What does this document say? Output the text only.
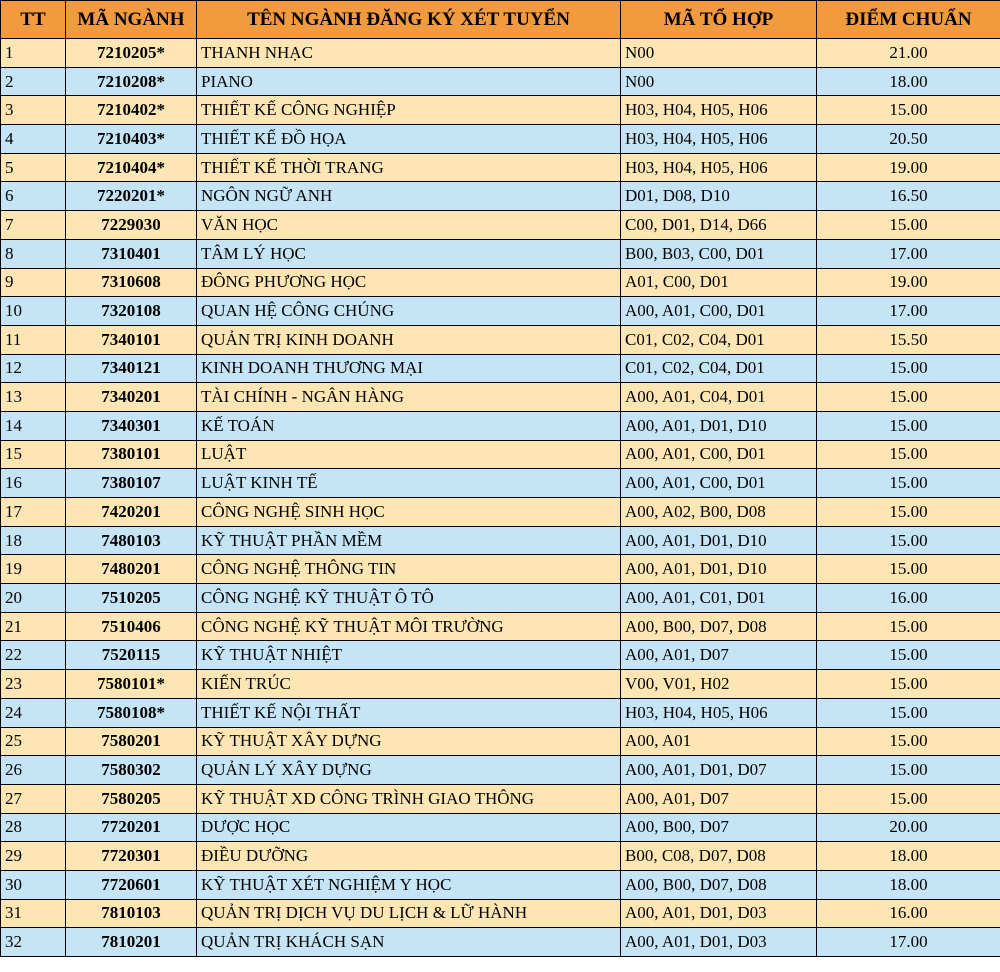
TT	MÃ NGÀNH	TÊN NGÀNH ĐĂNG KÝ XÉT TUYỂN	MÃ TỔ HỢP	ĐIỂM CHUẨN
1	7210205*	THANH NHẠC	N00	21.00
2	7210208*	PIANO	N00	18.00
3	7210402*	THIẾT KẾ CÔNG NGHIỆP	H03, H04, H05, H06	15.00
4	7210403*	THIẾT KẾ ĐỒ HỌA	H03, H04, H05, H06	20.50
5	7210404*	THIẾT KẾ THỜI TRANG	H03, H04, H05, H06	19.00
6	7220201*	NGÔN NGỮ ANH	D01, D08, D10	16.50
7	7229030	VĂN HỌC	C00, D01, D14, D66	15.00
8	7310401	TÂM LÝ HỌC	B00, B03, C00, D01	17.00
9	7310608	ĐÔNG PHƯƠNG HỌC	A01, C00, D01	19.00
10	7320108	QUAN HỆ CÔNG CHÚNG	A00, A01, C00, D01	17.00
11	7340101	QUẢN TRỊ KINH DOANH	C01, C02, C04, D01	15.50
12	7340121	KINH DOANH THƯƠNG MẠI	C01, C02, C04, D01	15.00
13	7340201	TÀI CHÍNH - NGÂN HÀNG	A00, A01, C04, D01	15.00
14	7340301	KẾ TOÁN	A00, A01, D01, D10	15.00
15	7380101	LUẬT	A00, A01, C00, D01	15.00
16	7380107	LUẬT KINH TẾ	A00, A01, C00, D01	15.00
17	7420201	CÔNG NGHỆ SINH HỌC	A00, A02, B00, D08	15.00
18	7480103	KỸ THUẬT PHẦN MỀM	A00, A01, D01, D10	15.00
19	7480201	CÔNG NGHỆ THÔNG TIN	A00, A01, D01, D10	15.00
20	7510205	CÔNG NGHỆ KỸ THUẬT Ô TÔ	A00, A01, C01, D01	16.00
21	7510406	CÔNG NGHỆ KỸ THUẬT MÔI TRƯỜNG	A00, B00, D07, D08	15.00
22	7520115	KỸ THUẬT NHIỆT	A00, A01, D07	15.00
23	7580101*	KIẾN TRÚC	V00, V01, H02	15.00
24	7580108*	THIẾT KẾ NỘI THẤT	H03, H04, H05, H06	15.00
25	7580201	KỸ THUẬT XÂY DỰNG	A00, A01	15.00
26	7580302	QUẢN LÝ XÂY DỰNG	A00, A01, D01, D07	15.00
27	7580205	KỸ THUẬT XD CÔNG TRÌNH GIAO THÔNG	A00, A01, D07	15.00
28	7720201	DƯỢC HỌC	A00, B00, D07	20.00
29	7720301	ĐIỀU DƯỠNG	B00, C08, D07, D08	18.00
30	7720601	KỸ THUẬT XÉT NGHIỆM Y HỌC	A00, B00, D07, D08	18.00
31	7810103	QUẢN TRỊ DỊCH VỤ DU LỊCH & LỮ HÀNH	A00, A01, D01, D03	16.00
32	7810201	QUẢN TRỊ KHÁCH SẠN	A00, A01, D01, D03	17.00
